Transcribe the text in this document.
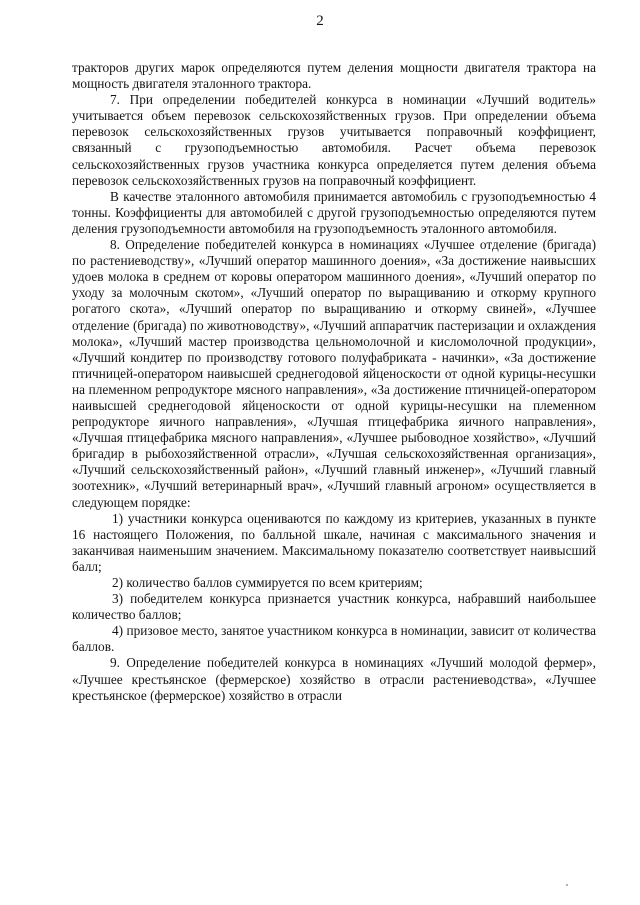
2

тракторов других марок определяются путем деления мощности двигателя трактора на мощность двигателя эталонного трактора.

7. При определении победителей конкурса в номинации «Лучший водитель» учитывается объем перевозок сельскохозяйственных грузов. При определении объема перевозок сельскохозяйственных грузов учитывается поправочный коэффициент, связанный с грузоподъемностью автомобиля. Расчет объема перевозок сельскохозяйственных грузов участника конкурса определяется путем деления объема перевозок сельскохозяйственных грузов на поправочный коэффициент.

В качестве эталонного автомобиля принимается автомобиль с грузоподъемностью 4 тонны. Коэффициенты для автомобилей с другой грузоподъемностью определяются путем деления грузоподъемности автомобиля на грузоподъемность эталонного автомобиля.

8. Определение победителей конкурса в номинациях «Лучшее отделение (бригада) по растениеводству», «Лучший оператор машинного доения», «За достижение наивысших удоев молока в среднем от коровы оператором машинного доения», «Лучший оператор по уходу за молочным скотом», «Лучший оператор по выращиванию и откорму крупного рогатого скота», «Лучший оператор по выращиванию и откорму свиней», «Лучшее отделение (бригада) по животноводству», «Лучший аппаратчик пастеризации и охлаждения молока», «Лучший мастер производства цельномолочной и кисломолочной продукции», «Лучший кондитер по производству готового полуфабриката - начинки», «За достижение птичницей-оператором наивысшей среднегодовой яйценоскости от одной курицы-несушки на племенном репродукторе мясного направления», «За достижение птичницей-оператором наивысшей среднегодовой яйценоскости от одной курицы-несушки на племенном репродукторе яичного направления», «Лучшая птицефабрика яичного направления», «Лучшая птицефабрика мясного направления», «Лучшее рыбоводное хозяйство», «Лучший бригадир в рыбохозяйственной отрасли», «Лучшая сельскохозяйственная организация», «Лучший сельскохозяйственный район», «Лучший главный инженер», «Лучший главный зоотехник», «Лучший ветеринарный врач», «Лучший главный агроном» осуществляется в следующем порядке:

1) участники конкурса оцениваются по каждому из критериев, указанных в пункте 16 настоящего Положения, по балльной шкале, начиная с максимального значения и заканчивая наименьшим значением. Максимальному показателю соответствует наивысший балл;

2) количество баллов суммируется по всем критериям;

3) победителем конкурса признается участник конкурса, набравший наибольшее количество баллов;

4) призовое место, занятое участником конкурса в номинации, зависит от количества баллов.

9. Определение победителей конкурса в номинациях «Лучший молодой фермер», «Лучшее крестьянское (фермерское) хозяйство в отрасли растениеводства», «Лучшее крестьянское (фермерское) хозяйство в отрасли
